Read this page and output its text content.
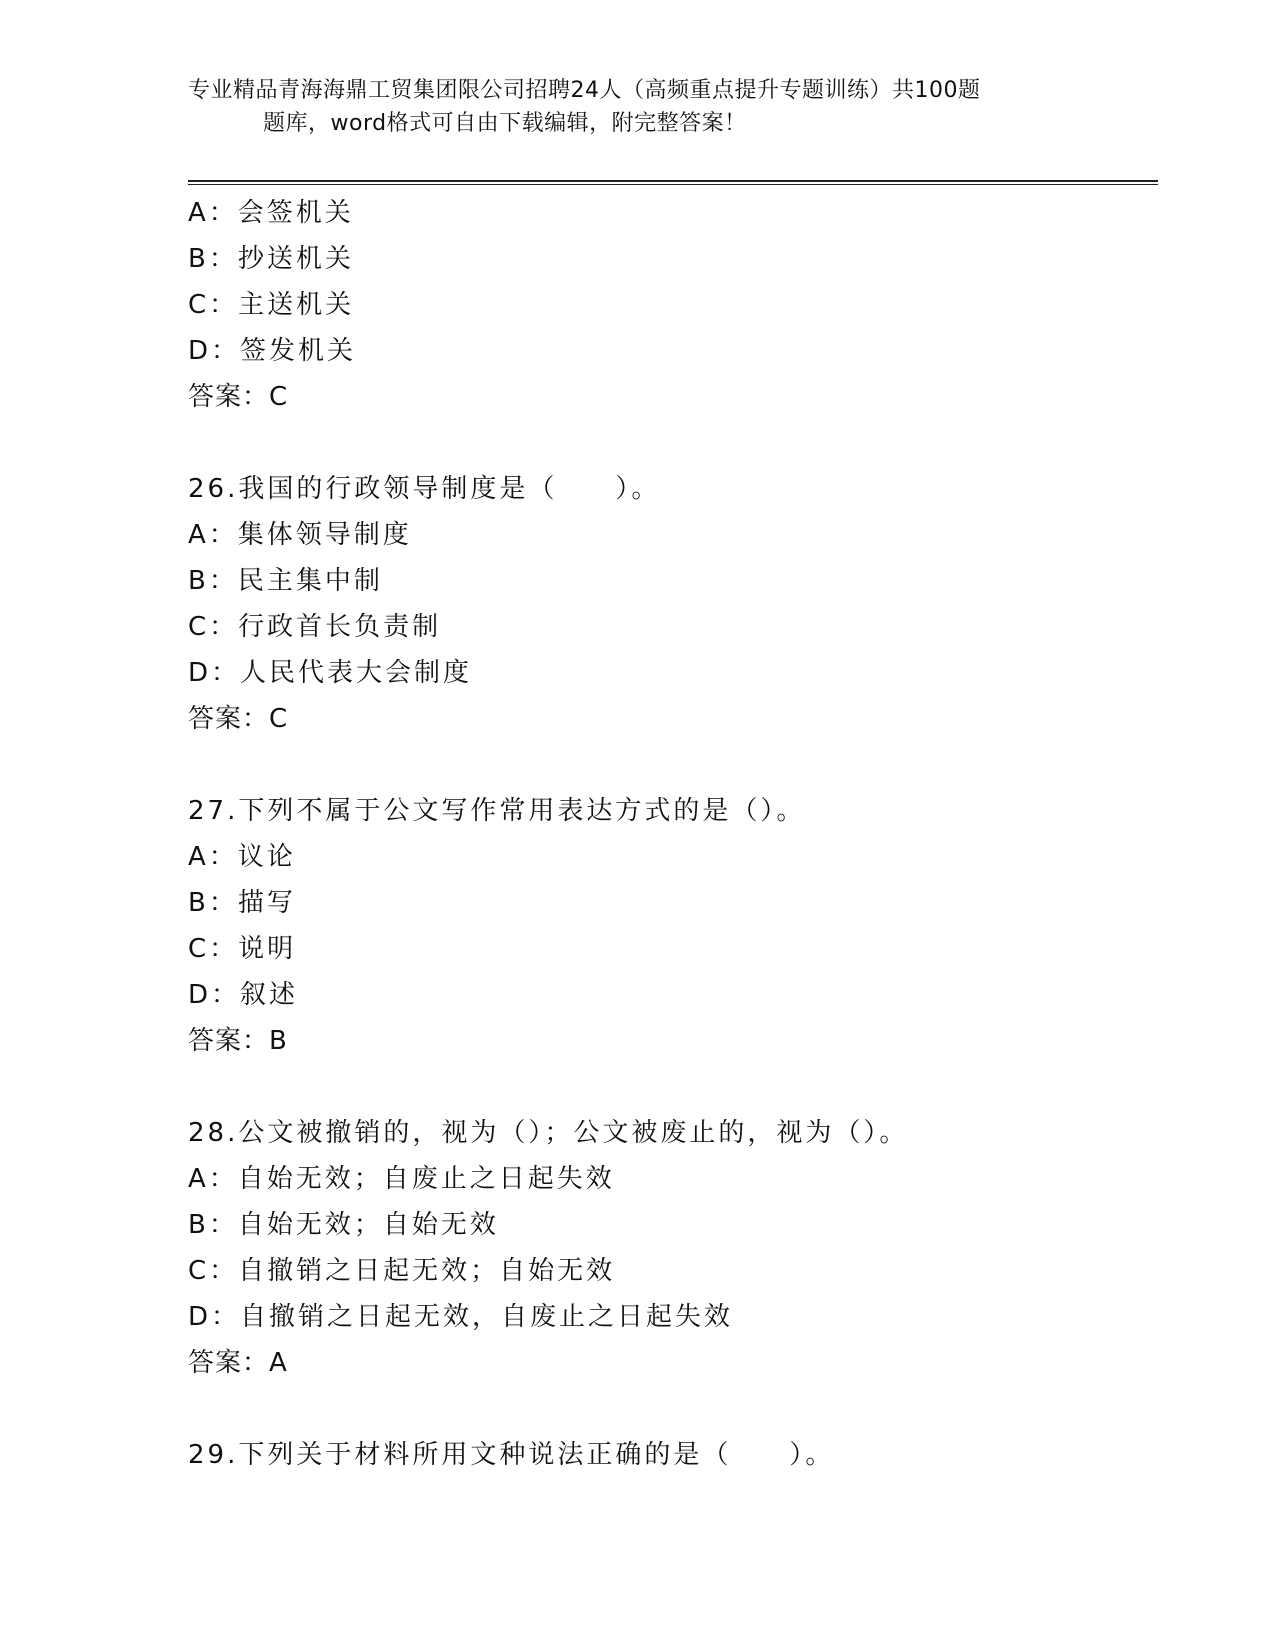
专业精品青海海鼎工贸集团限公司招聘24人（高频重点提升专题训练）共100题
题库，word格式可自由下载编辑，附完整答案！
A：会签机关
B：抄送机关
C：主送机关
D：签发机关
答案：C
26.我国的行政领导制度是（　　）。
A：集体领导制度
B：民主集中制
C：行政首长负责制
D：人民代表大会制度
答案：C
27.下列不属于公文写作常用表达方式的是（）。
A：议论
B：描写
C：说明
D：叙述
答案：B
28.公文被撤销的，视为（）；公文被废止的，视为（）。
A：自始无效；自废止之日起失效
B：自始无效；自始无效
C：自撤销之日起无效；自始无效
D：自撤销之日起无效，自废止之日起失效
答案：A
29.下列关于材料所用文种说法正确的是（　　）。
